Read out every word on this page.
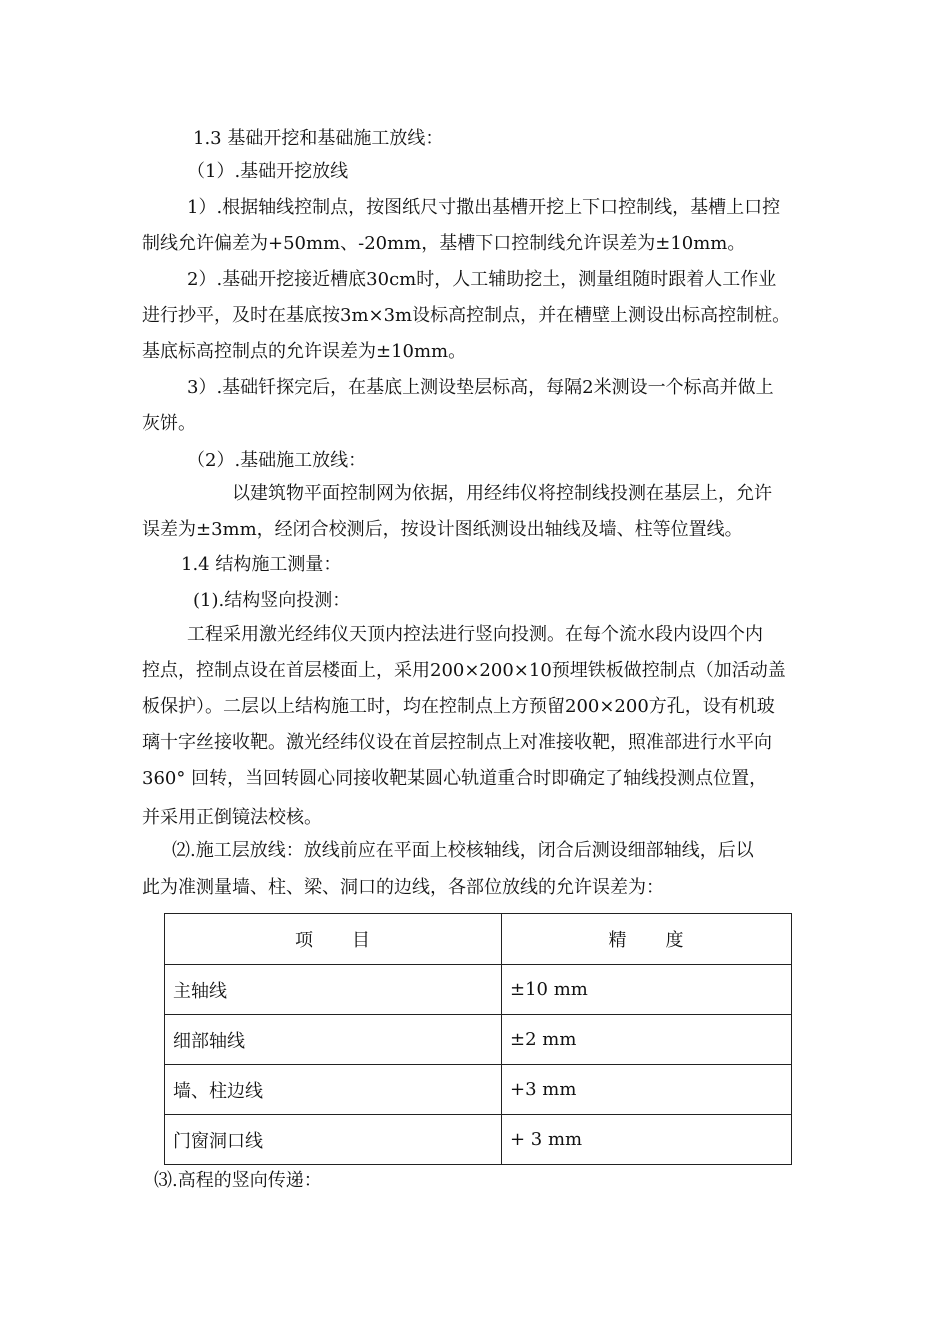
1.3 基础开挖和基础施工放线：
（1）.基础开挖放线
1）.根据轴线控制点，按图纸尺寸撒出基槽开挖上下口控制线，基槽上口控
制线允许偏差为+50mm、-20mm，基槽下口控制线允许误差为±10mm。
2）.基础开挖接近槽底30cm时，人工辅助挖土，测量组随时跟着人工作业
进行抄平，及时在基底按3m×3m设标高控制点，并在槽壁上测设出标高控制桩。
基底标高控制点的允许误差为±10mm。
3）.基础钎探完后，在基底上测设垫层标高，每隔2米测设一个标高并做上
灰饼。
（2）.基础施工放线：
以建筑物平面控制网为依据，用经纬仪将控制线投测在基层上，允许
误差为±3mm，经闭合校测后，按设计图纸测设出轴线及墙、柱等位置线。
1.4 结构施工测量：
(1).结构竖向投测：
工程采用激光经纬仪天顶内控法进行竖向投测。在每个流水段内设四个内
控点，控制点设在首层楼面上，采用200×200×10预埋铁板做控制点（加活动盖
板保护）。二层以上结构施工时，均在控制点上方预留200×200方孔，设有机玻
璃十字丝接收靶。激光经纬仪设在首层控制点上对准接收靶，照准部进行水平向
360° 回转，当回转圆心同接收靶某圆心轨道重合时即确定了轴线投测点位置，
并采用正倒镜法校核。
⑵.施工层放线：放线前应在平面上校核轴线，闭合后测设细部轴线，后以
此为准测量墙、柱、梁、洞口的边线，各部位放线的允许误差为：
项　　目	精　　度
主轴线	±10 mm
细部轴线	±2 mm
墙、柱边线	+3 mm
门窗洞口线	+ 3 mm
⑶.高程的竖向传递：
